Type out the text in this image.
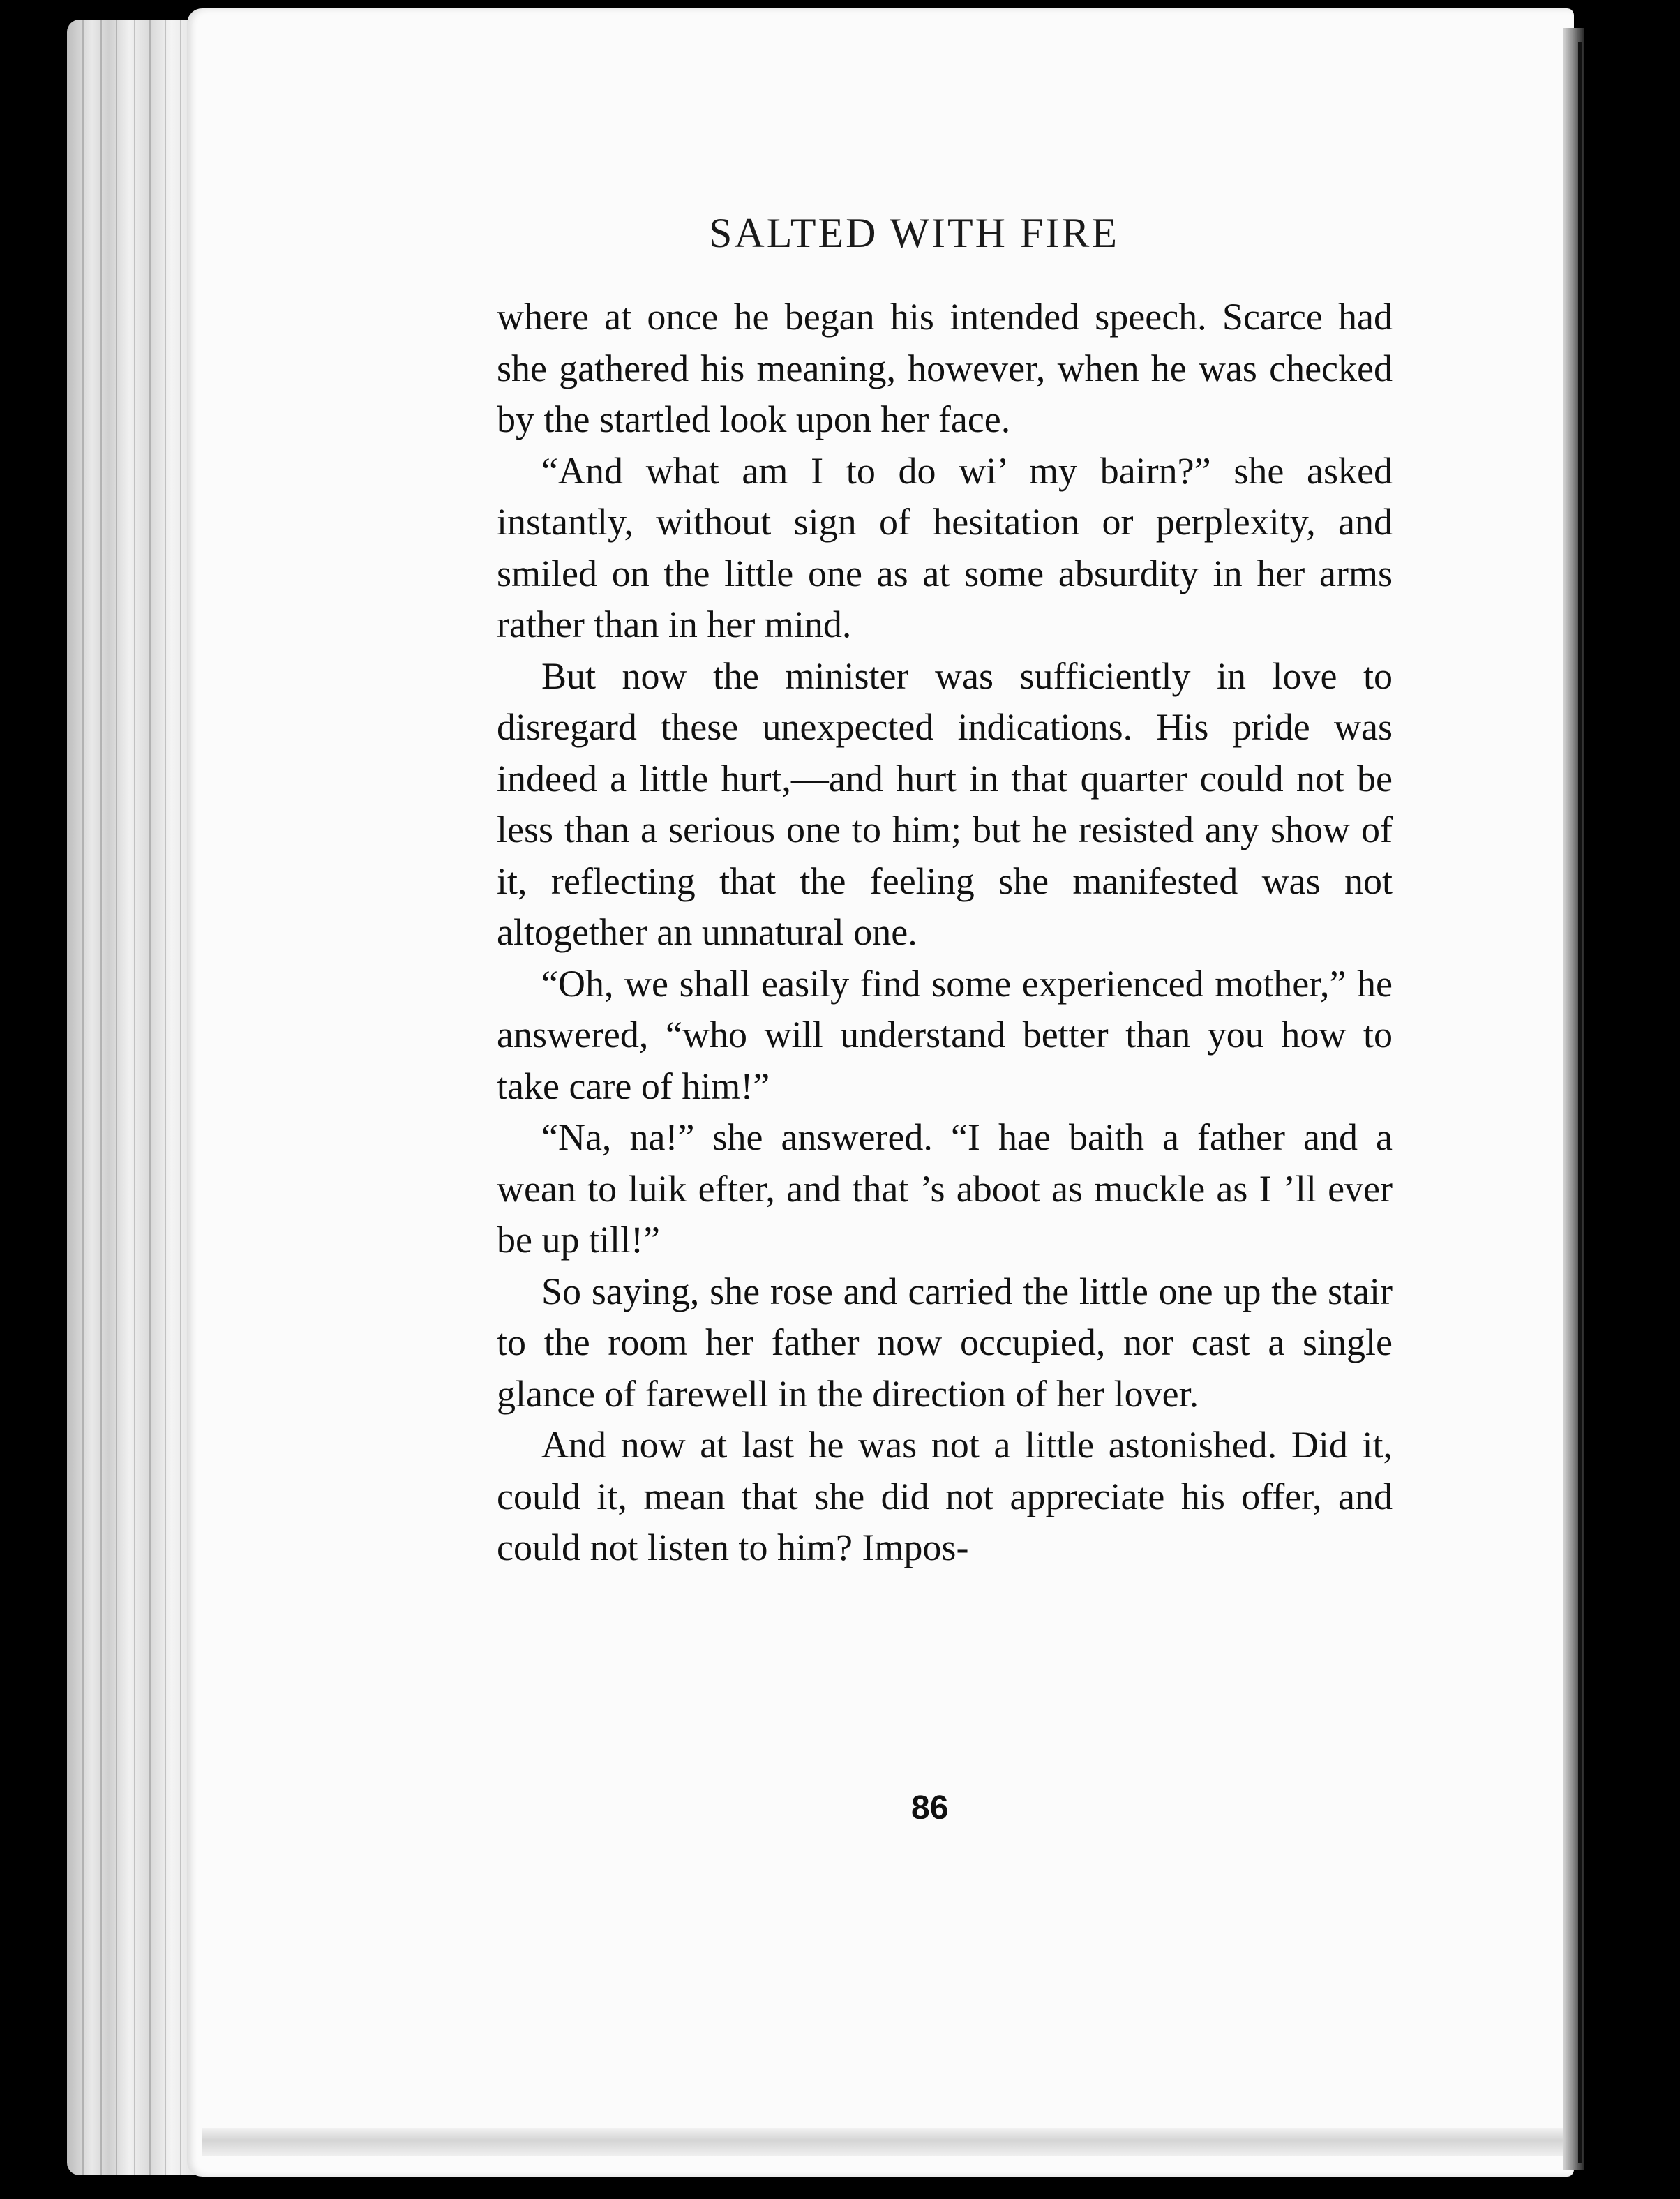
SALTED WITH FIRE

where at once he began his intended speech. Scarce had she gathered his meaning, however, when he was checked by the startled look upon her face.

“And what am I to do wi’ my bairn?” she asked instantly, without sign of hesitation or perplexity, and smiled on the little one as at some absurdity in her arms rather than in her mind.

But now the minister was sufficiently in love to disregard these unexpected indications. His pride was indeed a little hurt,—and hurt in that quarter could not be less than a serious one to him; but he resisted any show of it, reflecting that the feeling she manifested was not altogether an unnatural one.

“Oh, we shall easily find some experienced mother,” he answered, “who will understand better than you how to take care of him!”

“Na, na!” she answered. “I hae baith a father and a wean to luik efter, and that ’s aboot as muckle as I ’ll ever be up till!”

So saying, she rose and carried the little one up the stair to the room her father now occupied, nor cast a single glance of farewell in the direction of her lover.

And now at last he was not a little astonished. Did it, could it, mean that she did not appreciate his offer, and could not listen to him? Impos-

86
